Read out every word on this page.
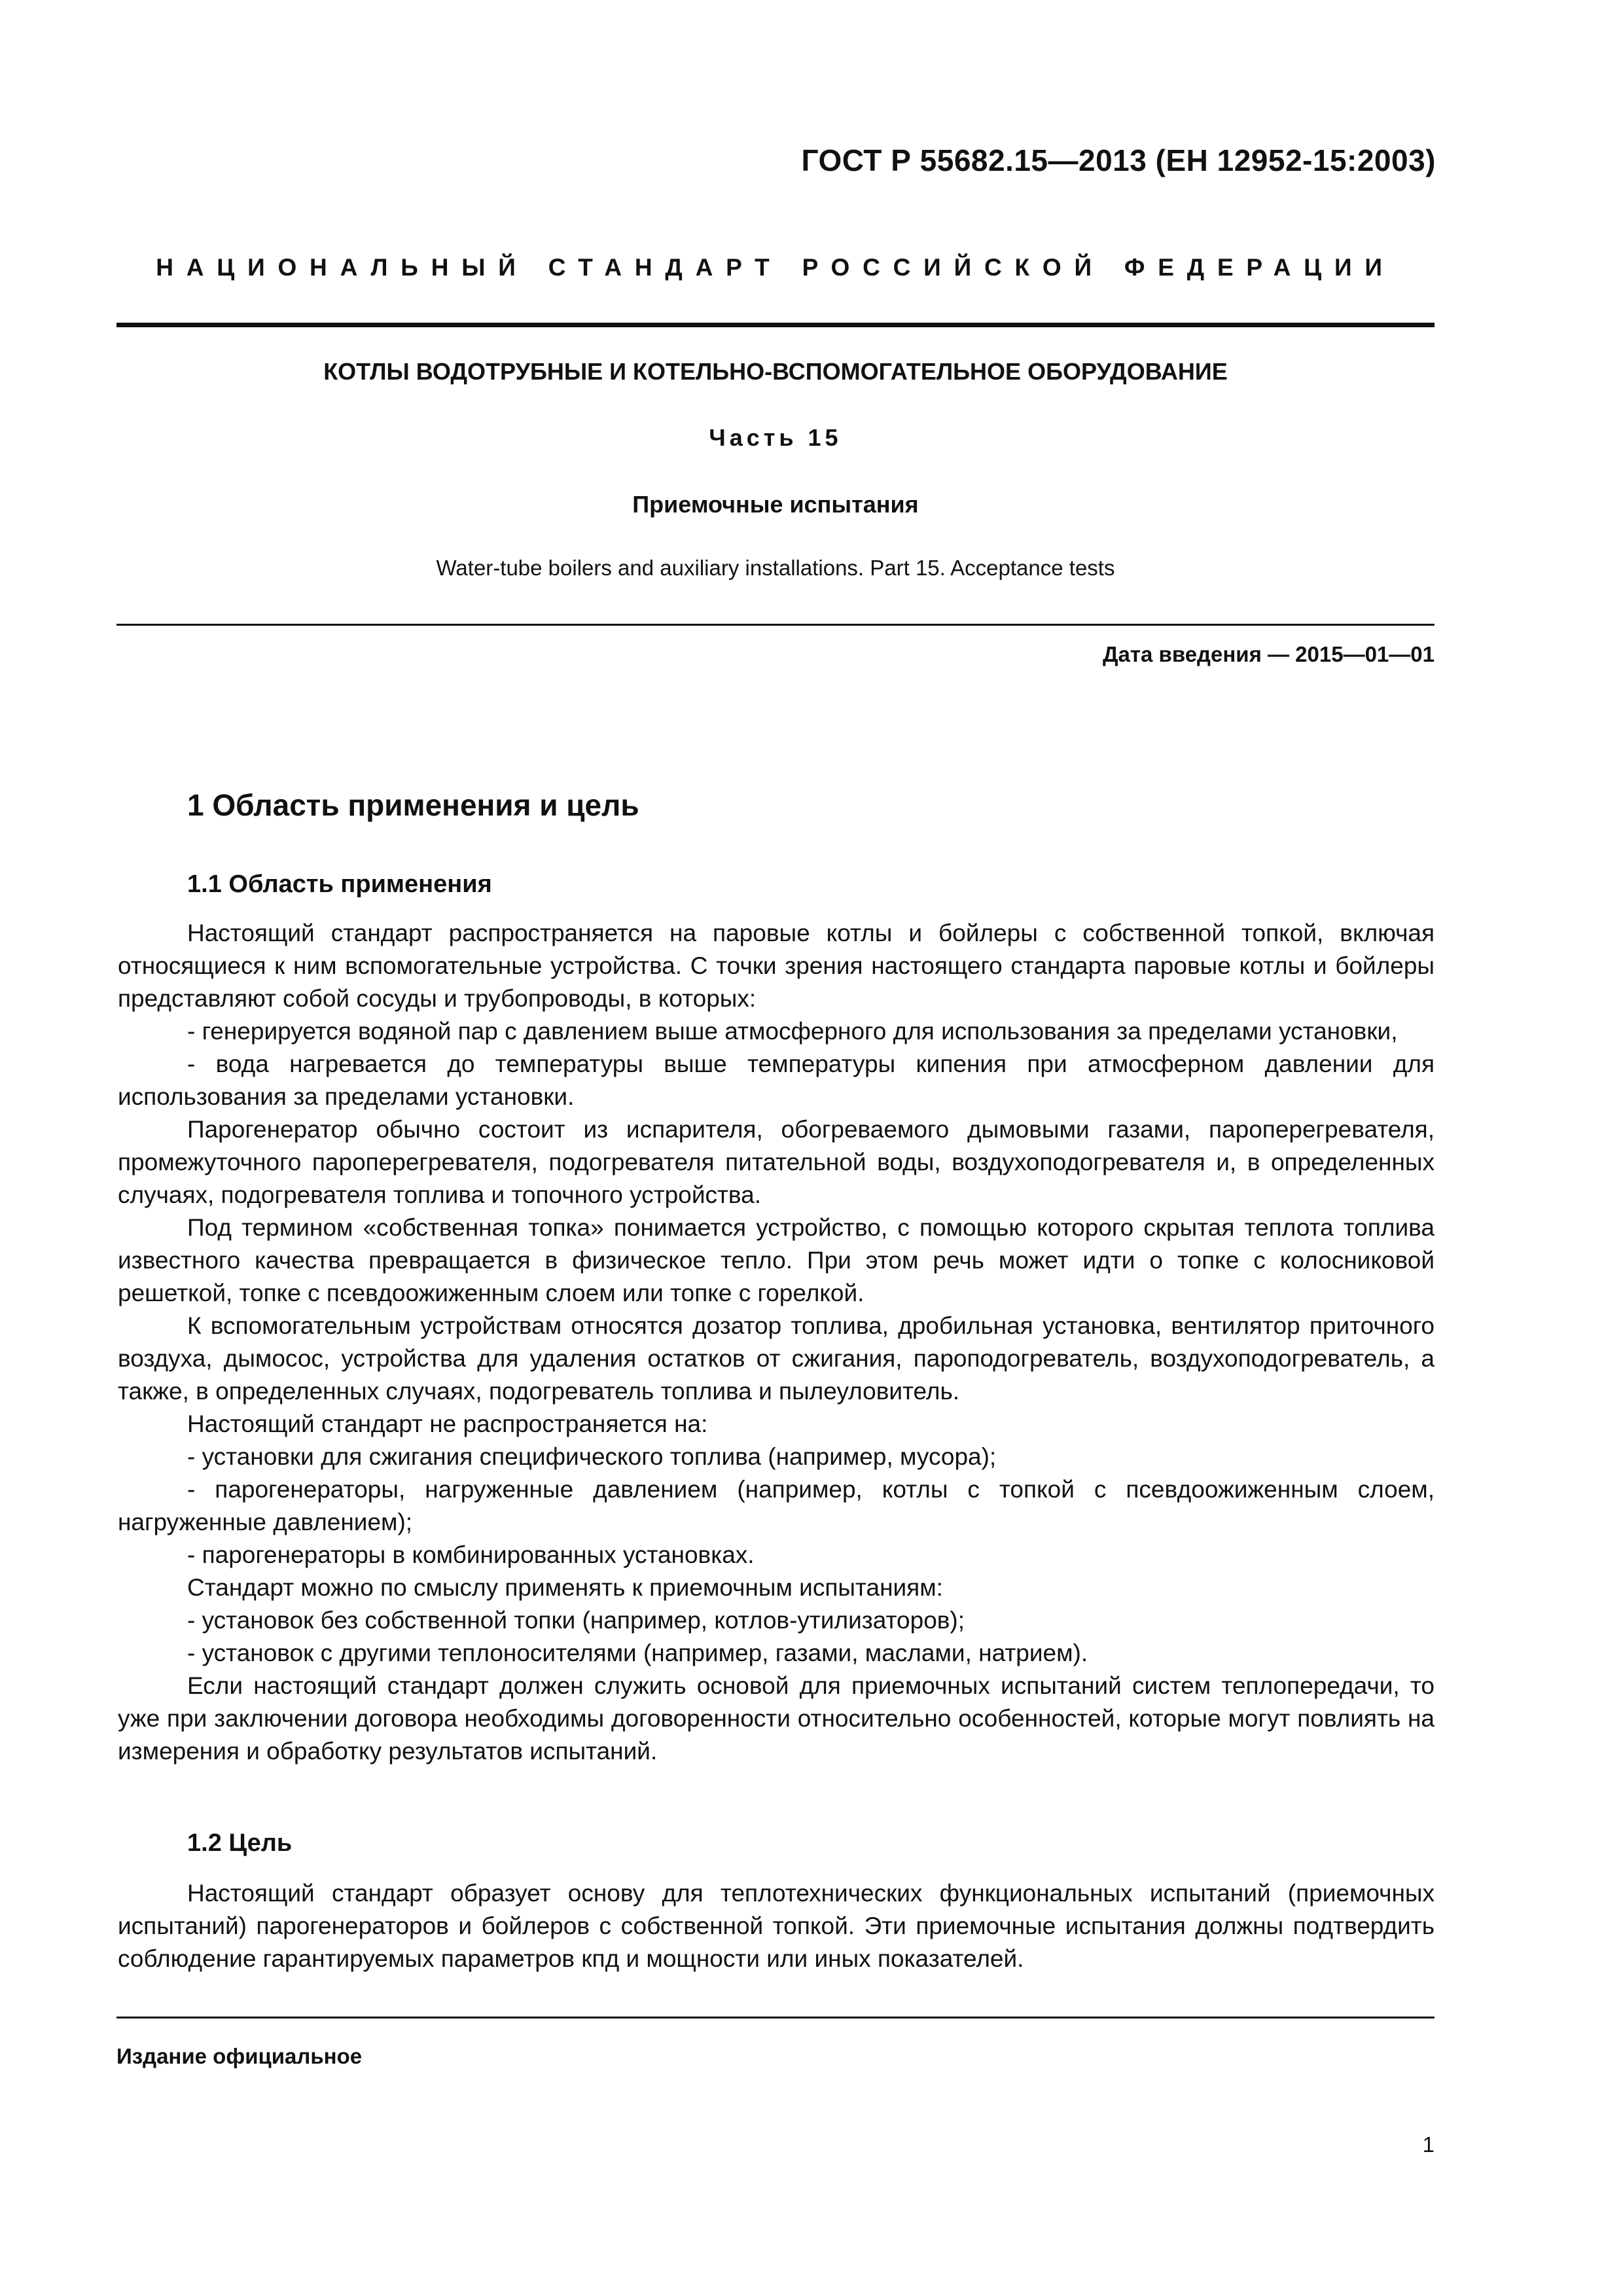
ГОСТ Р 55682.15—2013 (ЕН 12952-15:2003)
НАЦИОНАЛЬНЫЙ СТАНДАРТ РОССИЙСКОЙ ФЕДЕРАЦИИ
КОТЛЫ ВОДОТРУБНЫЕ И КОТЕЛЬНО-ВСПОМОГАТЕЛЬНОЕ ОБОРУДОВАНИЕ
Часть 15
Приемочные испытания
Water-tube boilers and auxiliary installations. Part 15. Acceptance tests
Дата введения — 2015—01—01
1 Область применения и цель
1.1 Область применения

Настоящий стандарт распространяется на паровые котлы и бойлеры с собственной топкой, включая относящиеся к ним вспомогательные устройства. С точки зрения настоящего стандарта паровые котлы и бойлеры представляют собой сосуды и трубопроводы, в которых:

- генерируется водяной пар с давлением выше атмосферного для использования за пределами установки,

- вода нагревается до температуры выше температуры кипения при атмосферном давлении для использования за пределами установки.

Парогенератор обычно состоит из испарителя, обогреваемого дымовыми газами, пароперегревателя, промежуточного пароперегревателя, подогревателя питательной воды, воздухоподогревателя и, в определенных случаях, подогревателя топлива и топочного устройства.

Под термином «собственная топка» понимается устройство, с помощью которого скрытая теплота топлива известного качества превращается в физическое тепло. При этом речь может идти о топке с колосниковой решеткой, топке с псевдоожиженным слоем или топке с горелкой.

К вспомогательным устройствам относятся дозатор топлива, дробильная установка, вентилятор приточного воздуха, дымосос, устройства для удаления остатков от сжигания, пароподогреватель, воздухоподогреватель, а также, в определенных случаях, подогреватель топлива и пылеуловитель.

Настоящий стандарт не распространяется на:

- установки для сжигания специфического топлива (например, мусора);

- парогенераторы, нагруженные давлением (например, котлы с топкой с псевдоожиженным слоем, нагруженные давлением);

- парогенераторы в комбинированных установках.

Стандарт можно по смыслу применять к приемочным испытаниям:

- установок без собственной топки (например, котлов-утилизаторов);

- установок с другими теплоносителями (например, газами, маслами, натрием).

Если настоящий стандарт должен служить основой для приемочных испытаний систем теплопередачи, то уже при заключении договора необходимы договоренности относительно особенностей, которые могут повлиять на измерения и обработку результатов испытаний.

1.2 Цель

Настоящий стандарт образует основу для теплотехнических функциональных испытаний (приемочных испытаний) парогенераторов и бойлеров с собственной топкой. Эти приемочные испытания должны подтвердить соблюдение гарантируемых параметров кпд и мощности или иных показателей.

Издание официальное
1
